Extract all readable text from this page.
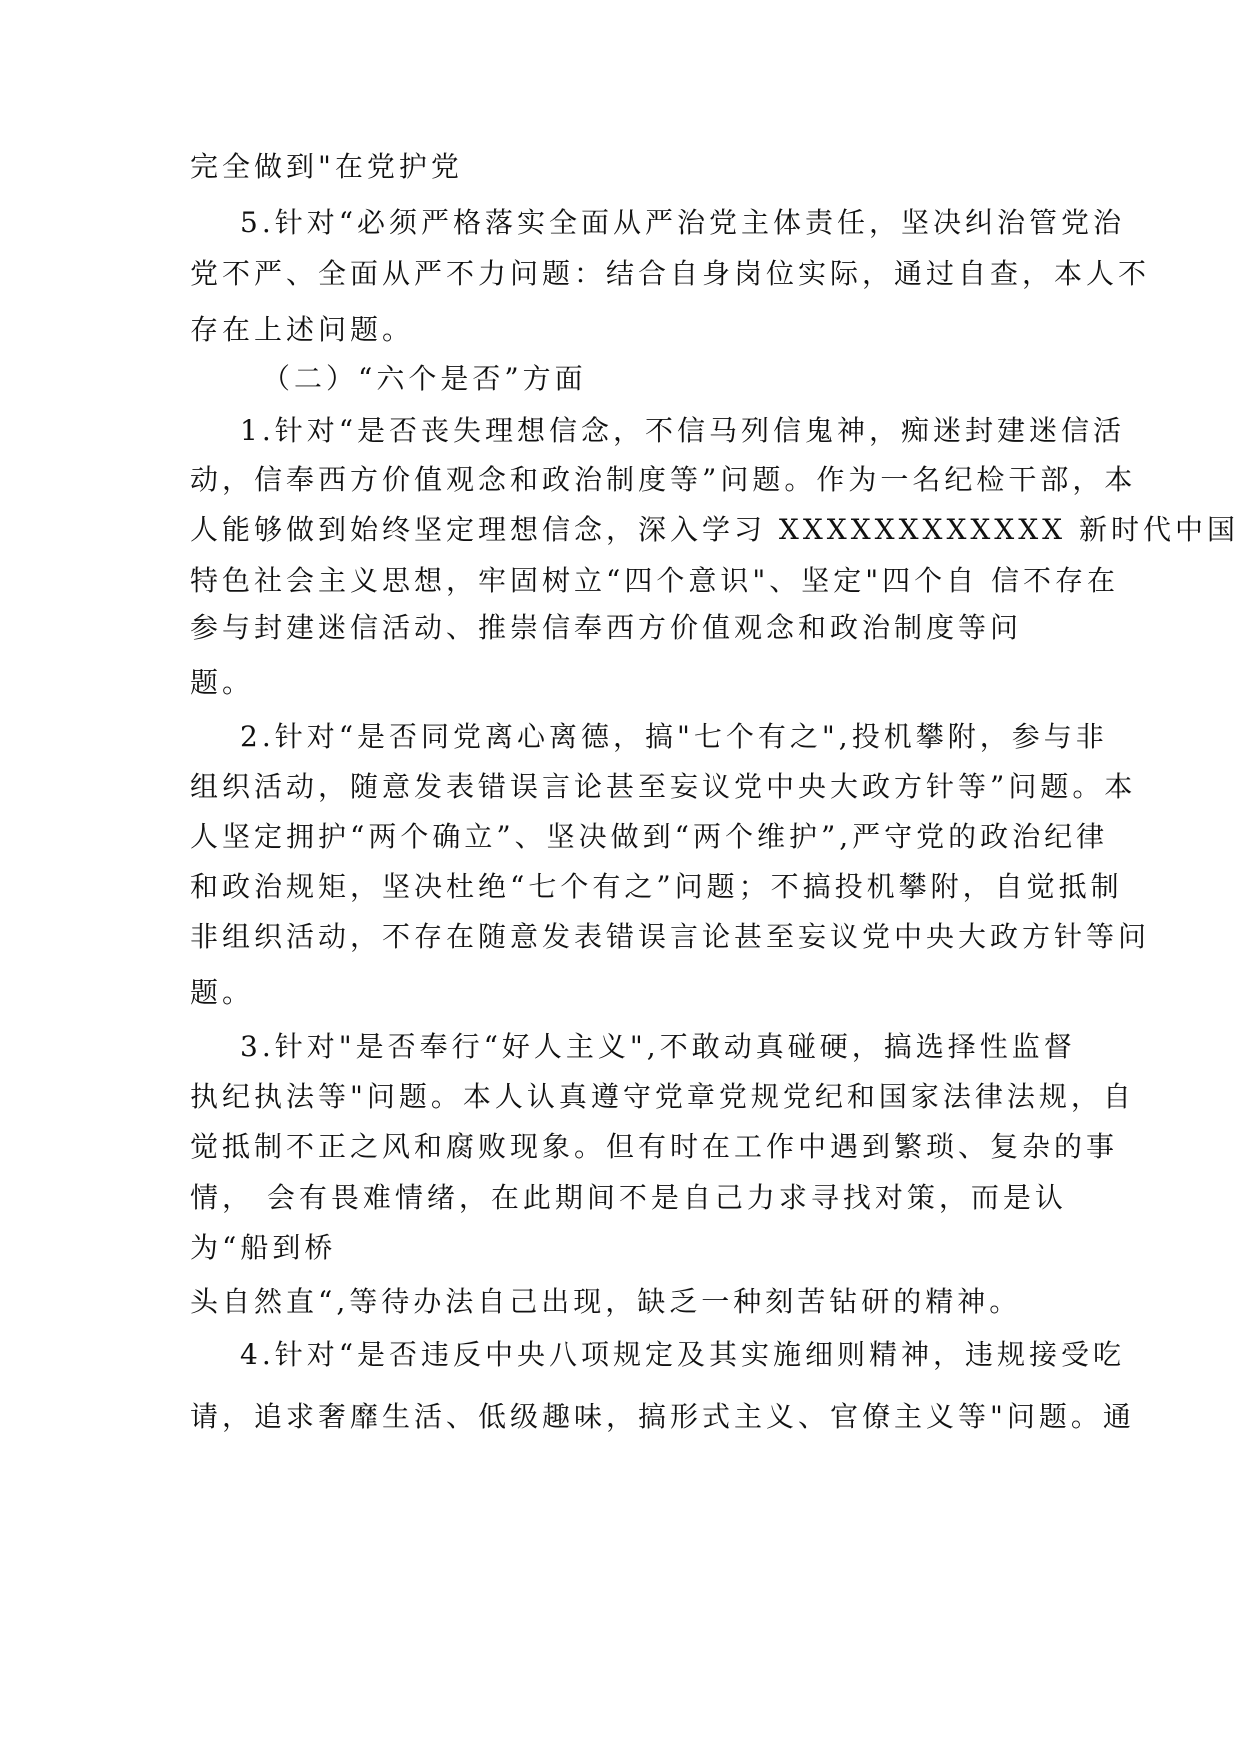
完全做到"在党护党
5.针对“必须严格落实全面从严治党主体责任，坚决纠治管党治
党不严、全面从严不力问题：结合自身岗位实际，通过自查，本人不
存在上述问题。
（二）“六个是否”方面
1.针对“是否丧失理想信念，不信马列信鬼神，痴迷封建迷信活
动，信奉西方价值观念和政治制度等”问题。作为一名纪检干部，本
人能够做到始终坚定理想信念，深入学习 XXXXXXXXXXXX 新时代中国
特色社会主义思想，牢固树立“四个意识"、坚定"四个自 信不存在
参与封建迷信活动、推崇信奉西方价值观念和政治制度等问
题。
2.针对“是否同党离心离德，搞"七个有之",投机攀附，参与非
组织活动，随意发表错误言论甚至妄议党中央大政方针等”问题。本
人坚定拥护“两个确立”、坚决做到“两个维护”,严守党的政治纪律
和政治规矩，坚决杜绝“七个有之”问题；不搞投机攀附，自觉抵制
非组织活动，不存在随意发表错误言论甚至妄议党中央大政方针等问
题。
3.针对"是否奉行“好人主义",不敢动真碰硬，搞选择性监督
执纪执法等"问题。本人认真遵守党章党规党纪和国家法律法规，自
觉抵制不正之风和腐败现象。但有时在工作中遇到繁琐、复杂的事
情， 会有畏难情绪，在此期间不是自己力求寻找对策，而是认
为“船到桥
头自然直“,等待办法自己出现，缺乏一种刻苦钻研的精神。
4.针对“是否违反中央八项规定及其实施细则精神，违规接受吃
请，追求奢靡生活、低级趣味，搞形式主义、官僚主义等"问题。通
